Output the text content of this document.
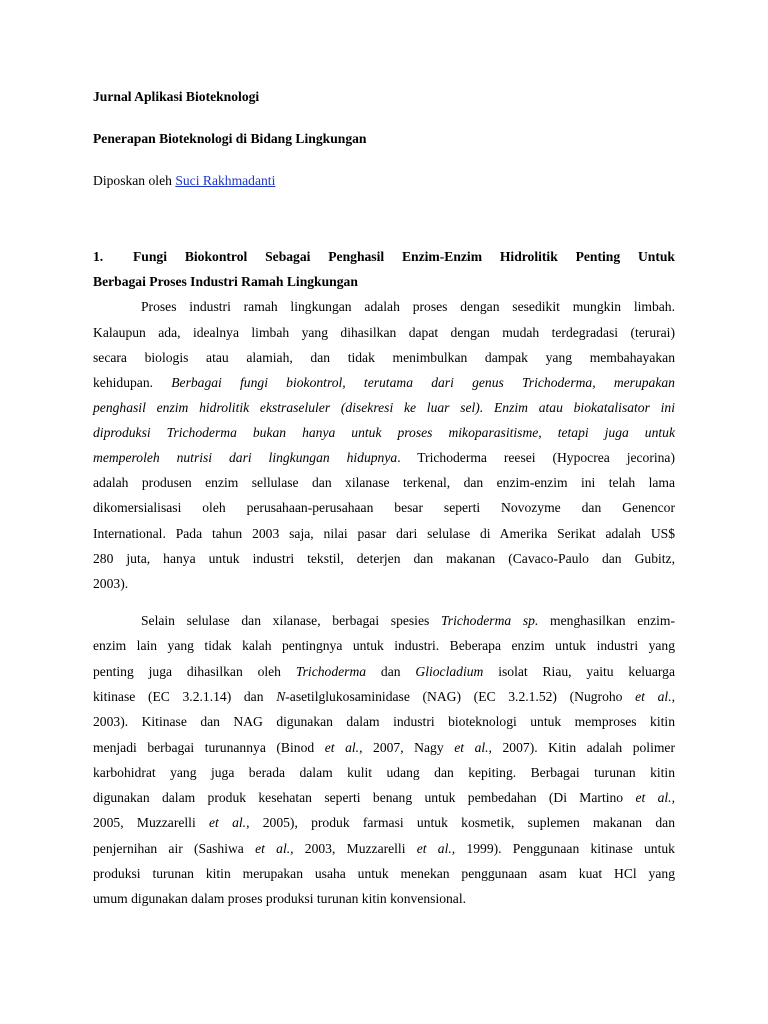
Jurnal Aplikasi Bioteknologi
Penerapan Bioteknologi di Bidang Lingkungan
Diposkan oleh Suci Rakhmadanti
1. Fungi Biokontrol Sebagai Penghasil Enzim-Enzim Hidrolitik Penting Untuk
Berbagai Proses Industri Ramah Lingkungan
Proses industri ramah lingkungan adalah proses dengan sesedikit mungkin limbah.
Kalaupun ada, idealnya limbah yang dihasilkan dapat dengan mudah terdegradasi (terurai)
secara biologis atau alamiah, dan tidak menimbulkan dampak yang membahayakan
kehidupan. Berbagai fungi biokontrol, terutama dari genus Trichoderma, merupakan
penghasil enzim hidrolitik ekstraseluler (disekresi ke luar sel). Enzim atau biokatalisator ini
diproduksi Trichoderma bukan hanya untuk proses mikoparasitisme, tetapi juga untuk
memperoleh nutrisi dari lingkungan hidupnya. Trichoderma reesei (Hypocrea jecorina)
adalah produsen enzim sellulase dan xilanase terkenal, dan enzim-enzim ini telah lama
dikomersialisasi oleh perusahaan-perusahaan besar seperti Novozyme dan Genencor
International. Pada tahun 2003 saja, nilai pasar dari selulase di Amerika Serikat adalah US$
280 juta, hanya untuk industri tekstil, deterjen dan makanan (Cavaco-Paulo dan Gubitz,
2003).
Selain selulase dan xilanase, berbagai spesies Trichoderma sp. menghasilkan enzim-
enzim lain yang tidak kalah pentingnya untuk industri. Beberapa enzim untuk industri yang
penting juga dihasilkan oleh Trichoderma dan Gliocladium isolat Riau, yaitu keluarga
kitinase (EC 3.2.1.14) dan N-asetilglukosaminidase (NAG) (EC 3.2.1.52) (Nugroho et al.,
2003). Kitinase dan NAG digunakan dalam industri bioteknologi untuk memproses kitin
menjadi berbagai turunannya (Binod et al., 2007, Nagy et al., 2007). Kitin adalah polimer
karbohidrat yang juga berada dalam kulit udang dan kepiting. Berbagai turunan kitin
digunakan dalam produk kesehatan seperti benang untuk pembedahan (Di Martino et al.,
2005, Muzzarelli et al., 2005), produk farmasi untuk kosmetik, suplemen makanan dan
penjernihan air (Sashiwa et al., 2003, Muzzarelli et al., 1999). Penggunaan kitinase untuk
produksi turunan kitin merupakan usaha untuk menekan penggunaan asam kuat HCl yang
umum digunakan dalam proses produksi turunan kitin konvensional.
